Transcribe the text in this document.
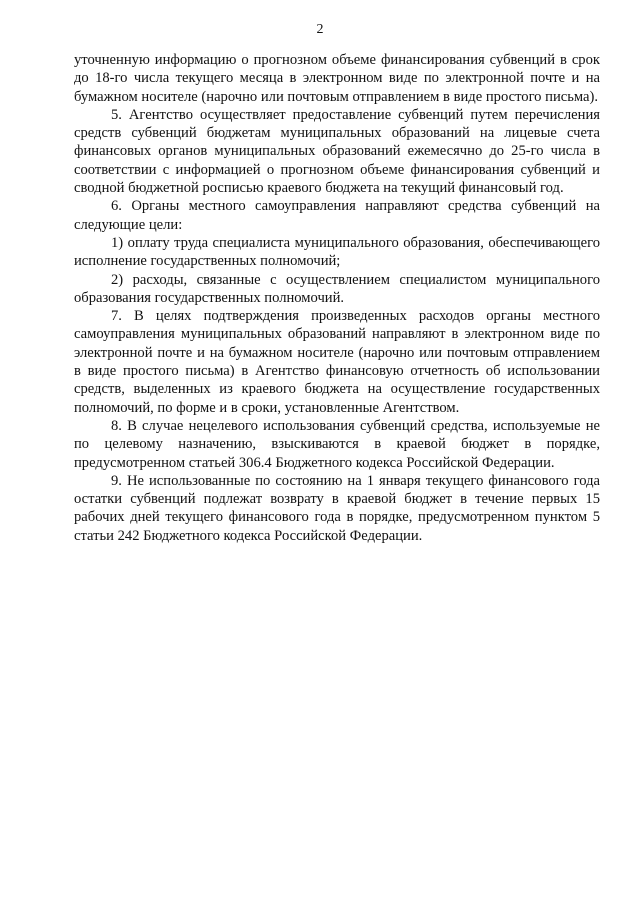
2

уточненную информацию о прогнозном объеме финансирования субвенций в срок до 18-го числа текущего месяца в электронном виде по электронной почте и на бумажном носителе (нарочно или почтовым отправлением в виде простого письма).

5. Агентство осуществляет предоставление субвенций путем перечисления средств субвенций бюджетам муниципальных образований на лицевые счета финансовых органов муниципальных образований ежемесячно до 25-го числа в соответствии с информацией о прогнозном объеме финансирования субвенций и сводной бюджетной росписью краевого бюджета на текущий финансовый год.

6. Органы местного самоуправления направляют средства субвенций на следующие цели:

1) оплату труда специалиста муниципального образования, обеспечивающего исполнение государственных полномочий;

2) расходы, связанные с осуществлением специалистом муниципального образования государственных полномочий.

7. В целях подтверждения произведенных расходов органы местного самоуправления муниципальных образований направляют в электронном виде по электронной почте и на бумажном носителе (нарочно или почтовым отправлением в виде простого письма) в Агентство финансовую отчетность об использовании средств, выделенных из краевого бюджета на осуществление государственных полномочий, по форме и в сроки, установленные Агентством.

8. В случае нецелевого использования субвенций средства, используемые не по целевому назначению, взыскиваются в краевой бюджет в порядке, предусмотренном статьей 306.4 Бюджетного кодекса Российской Федерации.

9. Не использованные по состоянию на 1 января текущего финансового года остатки субвенций подлежат возврату в краевой бюджет в течение первых 15 рабочих дней текущего финансового года в порядке, предусмотренном пунктом 5 статьи 242 Бюджетного кодекса Российской Федерации.
